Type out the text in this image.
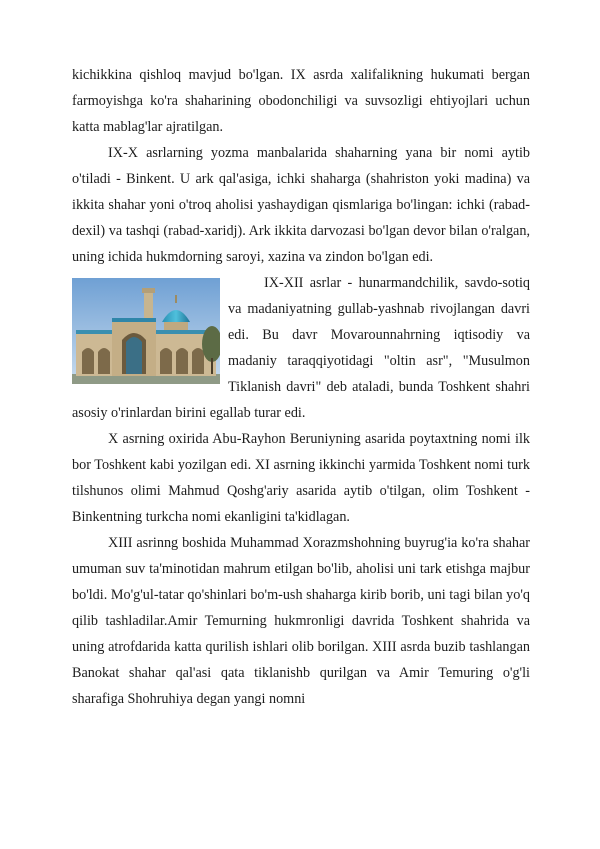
kichikkina qishloq mavjud bo'lgan. IX asrda xalifalikning hukumati bergan farmoyishga ko'ra shaharining obodonchiligi va suvsozligi ehtiyojlari uchun katta mablag'lar ajratilgan.

IX-X asrlarning yozma manbalarida shaharning yana bir nomi aytib o'tiladi - Binkent. U ark qal'asiga, ichki shaharga (shahriston yoki madina) va ikkita shahar yoni o'troq aholisi yashaydigan qismlariga bo'lingan: ichki (rabad-dexil) va tashqi (rabad-xaridj). Ark ikkita darvozasi bo'lgan devor bilan o'ralgan, uning ichida hukmdorning saroyi, xazina va zindon bo'lgan edi.

IX-XII asrlar - hunarmandchilik, savdo-sotiq va madaniyatning gullab-yashnab rivojlangan davri edi. Bu davr Movarounnahrning iqtisodiy va madaniy taraqqiyotidagi "oltin asr", "Musulmon Tiklanish davri" deb ataladi, bunda Toshkent shahri asosiy o'rinlardan birini egallab turar edi.

X asrning oxirida Abu-Rayhon Beruniyning asarida poytaxtning nomi ilk bor Toshkent kabi yozilgan edi. XI asrning ikkinchi yarmida Toshkent nomi turk tilshunos olimi Mahmud Qoshg'ariy asarida aytib o'tilgan, olim Toshkent - Binkentning turkcha nomi ekanligini ta'kidlagan.

XIII asrinng boshida Muhammad Xorazmshohning buyrug'ia ko'ra shahar umuman suv ta'minotidan mahrum etilgan bo'lib, aholisi uni tark etishga majbur bo'ldi. Mo'g'ul-tatar qo'shinlari bo'm-ush shaharga kirib borib, uni tagi bilan yo'q qilib tashladilar.Amir Temurning hukmronligi davrida Toshkent shahrida va uning atrofdarida katta qurilish ishlari olib borilgan. XIII asrda buzib tashlangan Banokat shahar qal'asi qata tiklanishb qurilgan va Amir Temuring o'g'li sharafiga Shohruhiya degan yangi nomni
